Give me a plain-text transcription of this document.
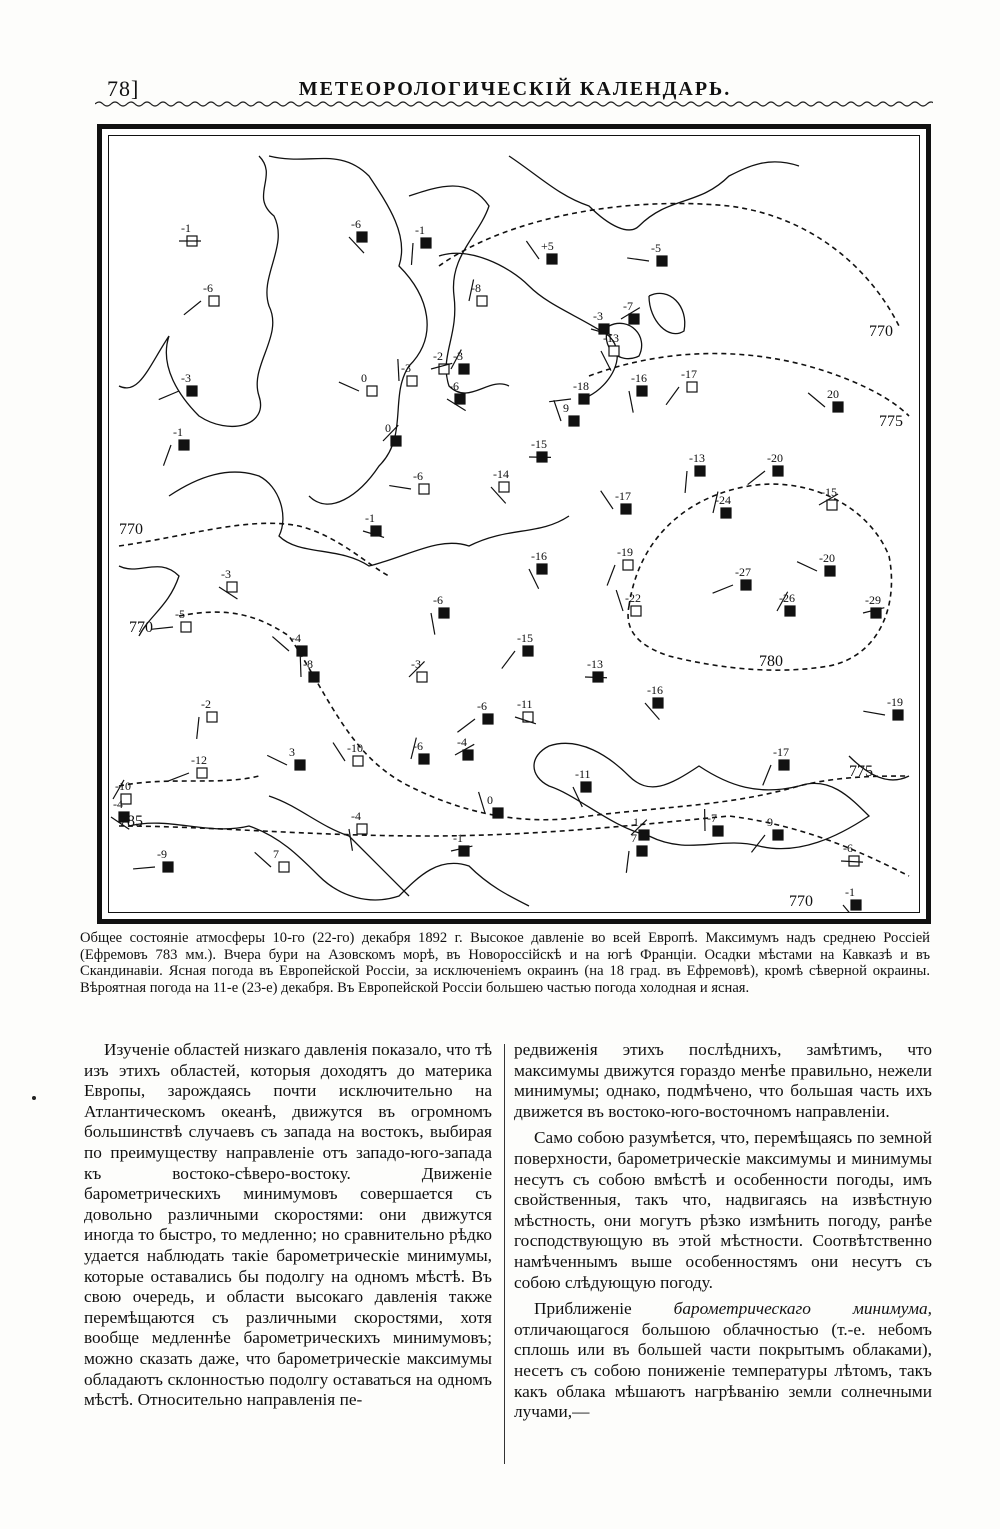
78]	МЕТЕОРОЛОГИЧЕСКІЙ КАЛЕНДАРЬ.
-1	-6	-1
-6
-5
+5
-8
-7
-3
-13
-1
-3	0
9
-3
-2
-6
-16	-17
-18
20
-3
0
-15
-14
-13	-20
-6
-17	-24
-15
-1
-16	-19
-27
-20
-22	-26	-29
-3
-6
-15
-5
-4
-8	-3	-13
-16
-2	-6	-19
-10	-6	-4
-11
-11
-17
-12
3
0
-10
-1
-4
-4	9
-9	7
-7
1
-6
-1
7
770
775
770
770
780
775
785
770

Общее состояніе атмосферы 10-го (22-го) декабря 1892 г. Высокое давленіе во всей Европѣ. Максимумъ надъ среднею Россіей (Ефремовъ 783 мм.). Вчера бури на Азовскомъ морѣ, въ Новороссійскѣ и на югѣ Франціи. Осадки мѣстами на Кавказѣ и въ Скандинавіи. Ясная погода въ Европейской Россіи, за исключеніемъ окраинъ (на 18 град. въ Ефремовѣ), кромѣ сѣверной окраины. Вѣроятная погода на 11-е (23-е) декабря. Въ Европейской Россіи большею частью погода холодная и ясная.

Изученіе областей низкаго давленія показало, что тѣ изъ этихъ областей, которыя доходятъ до материка Европы, зарождаясь почти исключительно на Атлантическомъ океанѣ, движутся въ огромномъ большинствѣ случаевъ съ запада на востокъ, выбирая по преимуществу направленіе отъ западо-юго-запада къ востоко-сѣверо-востоку. Движеніе барометрическихъ минимумовъ совершается съ довольно различными скоростями: они движутся иногда то быстро, то медленно; но сравнительно рѣдко удается наблюдать такіе барометрическіе минимумы, которые оставались бы подолгу на одномъ мѣстѣ. Въ свою очередь, и области высокаго давленія также перемѣщаются съ различными скоростями, хотя вообще медленнѣе барометрическихъ минимумовъ; можно сказать даже, что барометрическіе максимумы обладаютъ склонностью подолгу оставаться на одномъ мѣстѣ. Относительно направленія пе-

редвиженія этихъ послѣднихъ, замѣтимъ, что максимумы движутся гораздо менѣе правильно, нежели минимумы; однако, подмѣчено, что большая часть ихъ движется въ востоко-юго-восточномъ направленіи.

Само собою разумѣется, что, перемѣщаясь по земной поверхности, барометрическіе максимумы и минимумы несутъ съ собою вмѣстѣ и особенности погоды, имъ свойственныя, такъ что, надвигаясь на извѣстную мѣстность, они могутъ рѣзко измѣнить погоду, ранѣе господствующую въ этой мѣстности. Соотвѣтственно намѣченнымъ выше особенностямъ они несутъ съ собою слѣдующую погоду.

Приближеніе барометрическаго минимума, отличающагося большою облачностью (т.-е. небомъ сплошь или въ большей части покрытымъ облаками), несетъ съ собою пониженіе температуры лѣтомъ, такъ какъ облака мѣшаютъ нагрѣванію земли солнечными лучами,—
